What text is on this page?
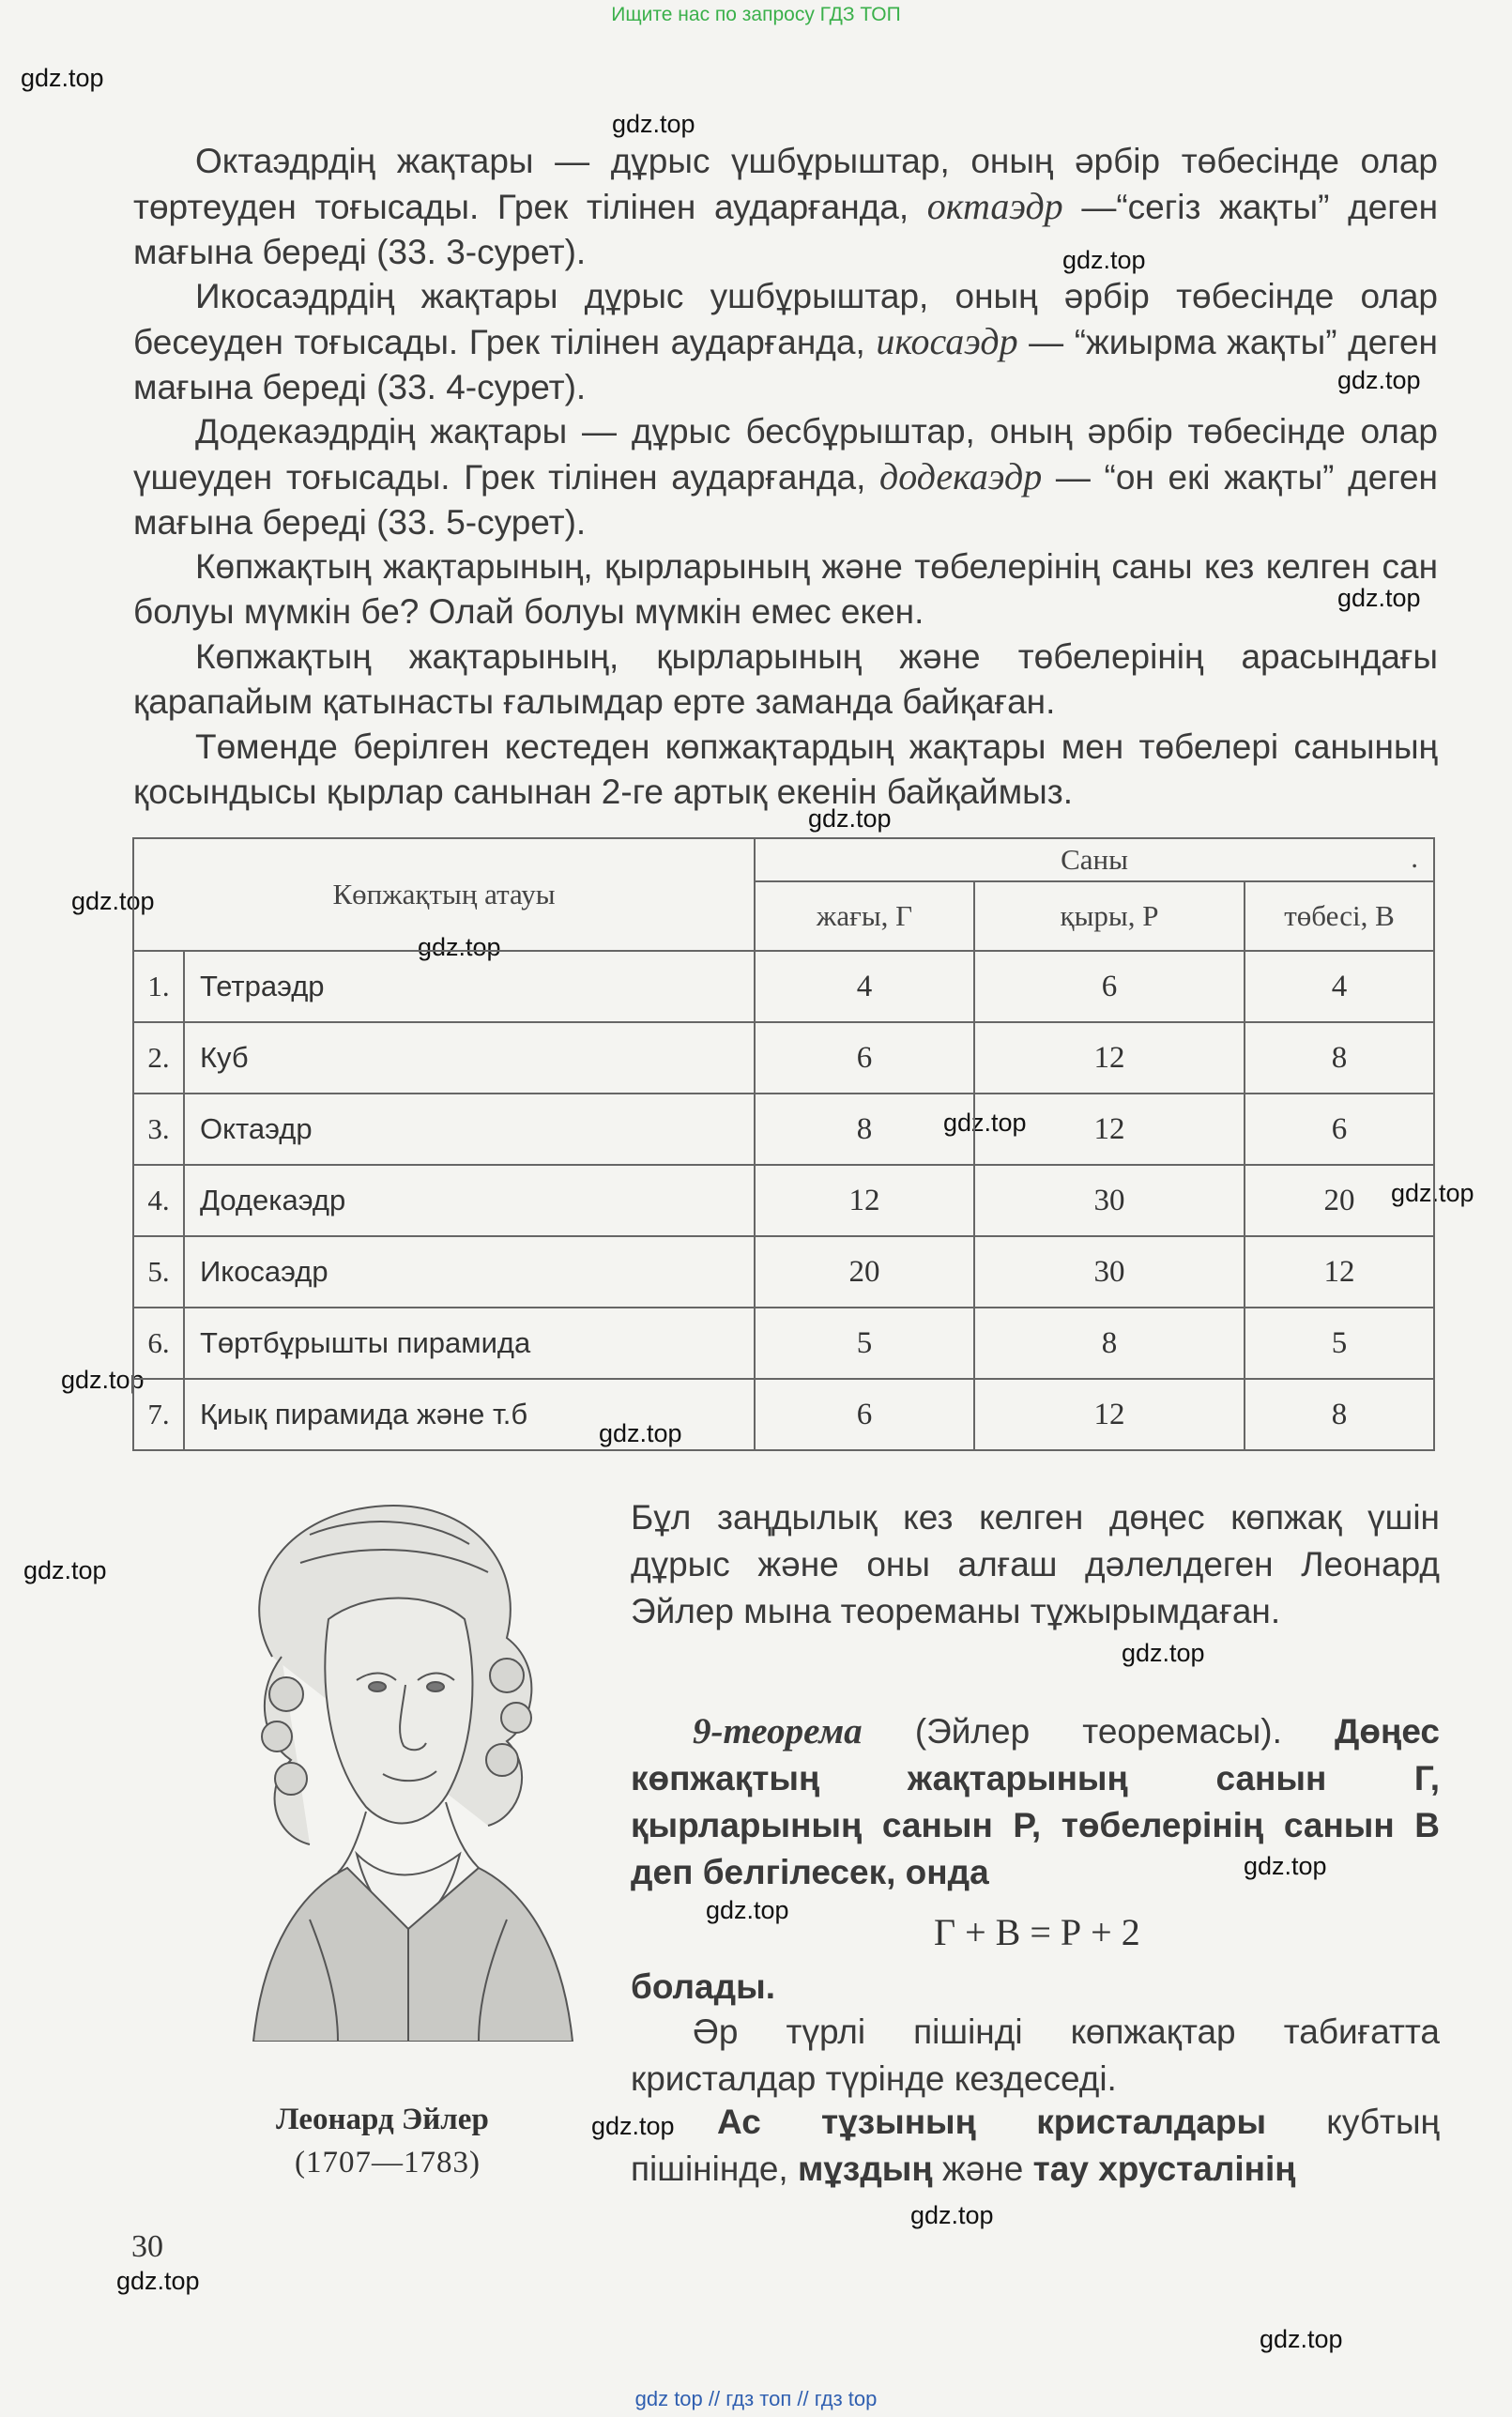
Ищите нас по запросу ГДЗ ТОП
gdz.top
gdz.top
gdz.top
gdz.top
gdz.top
gdz.top
gdz.top
gdz.top
gdz.top
gdz.top
gdz.top
gdz.top
gdz.top
gdz.top
gdz.top
gdz.top
gdz.top
gdz.top
gdz.top
gdz.top
Октаэдрдің жақтары — дұрыс үшбұрыштар, оның әрбір төбесінде олар төртеуден тоғысады. Грек тілінен аударғанда, октаэдр —“сегіз жақты” деген мағына береді (33. 3-сурет).
Икосаэдрдің жақтары дұрыс ушбұрыштар, оның әрбір төбесінде олар бесеуден тоғысады. Грек тілінен аударғанда, икосаэдр — “жиырма жақты” деген мағына береді (33. 4-сурет).
Додекаэдрдің жақтары — дұрыс бесбұрыштар, оның әрбір төбесінде олар үшеуден тоғысады. Грек тілінен аударғанда, додекаэдр — “он екі жақты” деген мағына береді (33. 5-сурет).
Көпжақтың жақтарының, қырларының және төбелерінің саны кез келген сан болуы мүмкін бе? Олай болуы мүмкін емес екен.
Көпжақтың жақтарының, қырларының және төбелерінің арасындағы қарапайым қатынасты ғалымдар ерте заманда байқаған.
Төменде берілген кестеден көпжақтардың жақтары мен төбелері санының қосындысы қырлар санынан 2-ге артық екенін байқаймыз.
Көпжақтың атауы		Саны .		

		жағы, Г	қыры, Р	төбесі, В
1.	Тетраэдр	4	6	4
2.	Куб	6	12	8
3.	Октаэдр	8	12	6
4.	Додекаэдр	12	30	20
5.	Икосаэдр	20	30	12
6.	Төртбұрышты пирамида	5	8	5
7.	Қиық пирамида және т.б	6	12	8
Леонард Эйлер
(1707—1783)
Бұл заңдылық кез келген дөңес көпжақ үшін дұрыс және оны алғаш дәлелдеген Леонард Эйлер мына теореманы тұжырымдаған.
9-теорема (Эйлер теоремасы). Дөңес көпжақтың жақтарының санын Г, қырларының санын Р, төбелерінің санын В деп белгілесек, онда
Г + В = Р + 2
болады.
Әр түрлі пішінді көпжақтар табиғатта кристалдар түрінде кездеседі.
Ас тұзының кристалдары кубтың пішінінде, мұздың және тау хрусталінің
30
gdz top // гдз топ // гдз top
